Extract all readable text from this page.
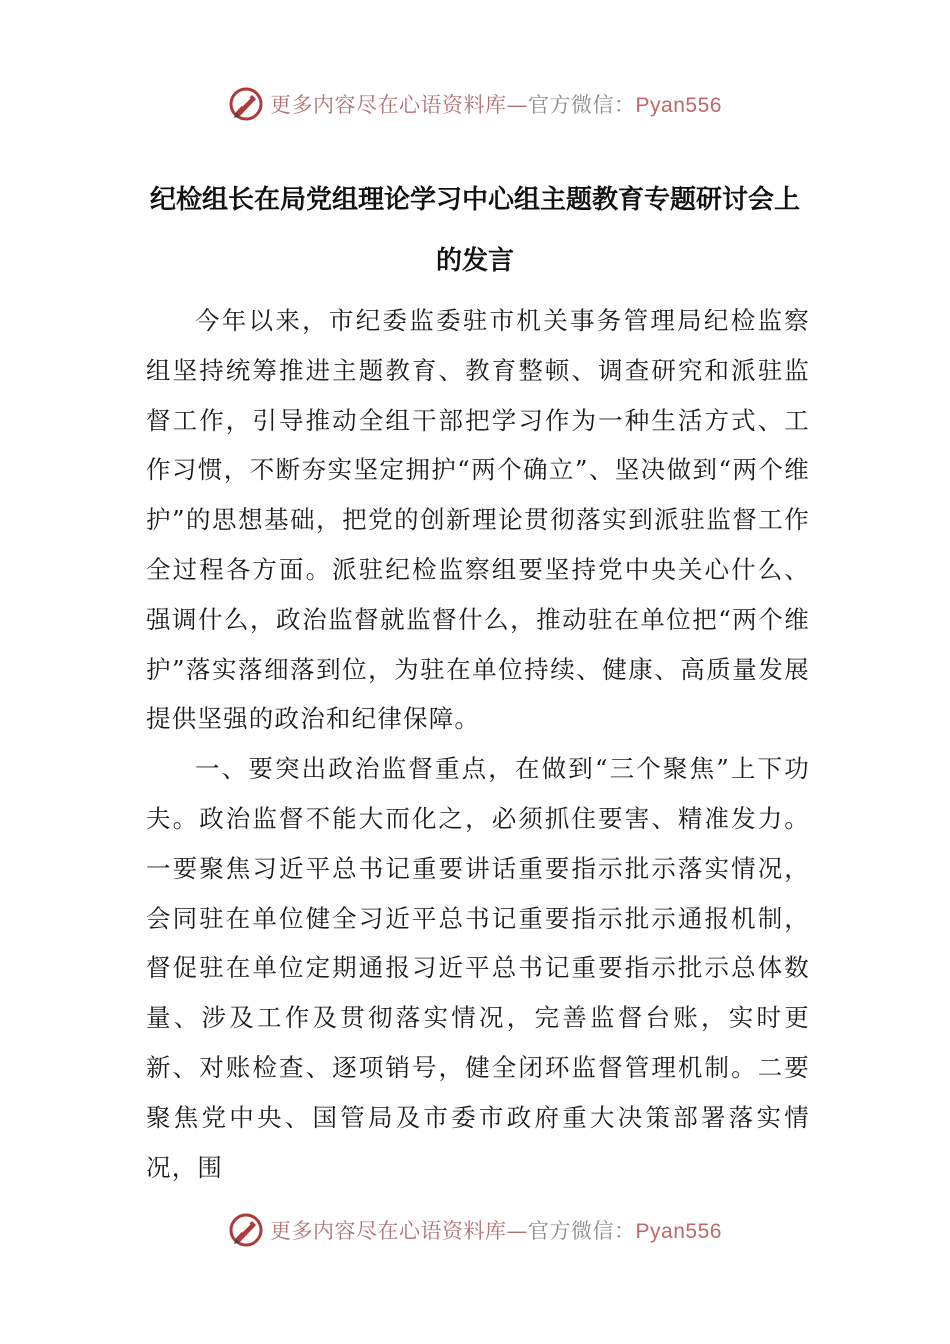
更多内容尽在心语资料库—官方微信：Pyan556
纪检组长在局党组理论学习中心组主题教育专题研讨会上的发言

今年以来，市纪委监委驻市机关事务管理局纪检监察组坚持统筹推进主题教育、教育整顿、调查研究和派驻监督工作，引导推动全组干部把学习作为一种生活方式、工作习惯，不断夯实坚定拥护“两个确立”、坚决做到“两个维护”的思想基础，把党的创新理论贯彻落实到派驻监督工作全过程各方面。派驻纪检监察组要坚持党中央关心什么、强调什么，政治监督就监督什么，推动驻在单位把“两个维护”落实落细落到位，为驻在单位持续、健康、高质量发展提供坚强的政治和纪律保障。

一、要突出政治监督重点，在做到“三个聚焦”上下功夫。政治监督不能大而化之，必须抓住要害、精准发力。一要聚焦习近平总书记重要讲话重要指示批示落实情况，会同驻在单位健全习近平总书记重要指示批示通报机制，督促驻在单位定期通报习近平总书记重要指示批示总体数量、涉及工作及贯彻落实情况，完善监督台账，实时更新、对账检查、逐项销号，健全闭环监督管理机制。二要聚焦党中央、国管局及市委市政府重大决策部署落实情况，围

更多内容尽在心语资料库—官方微信：Pyan556
